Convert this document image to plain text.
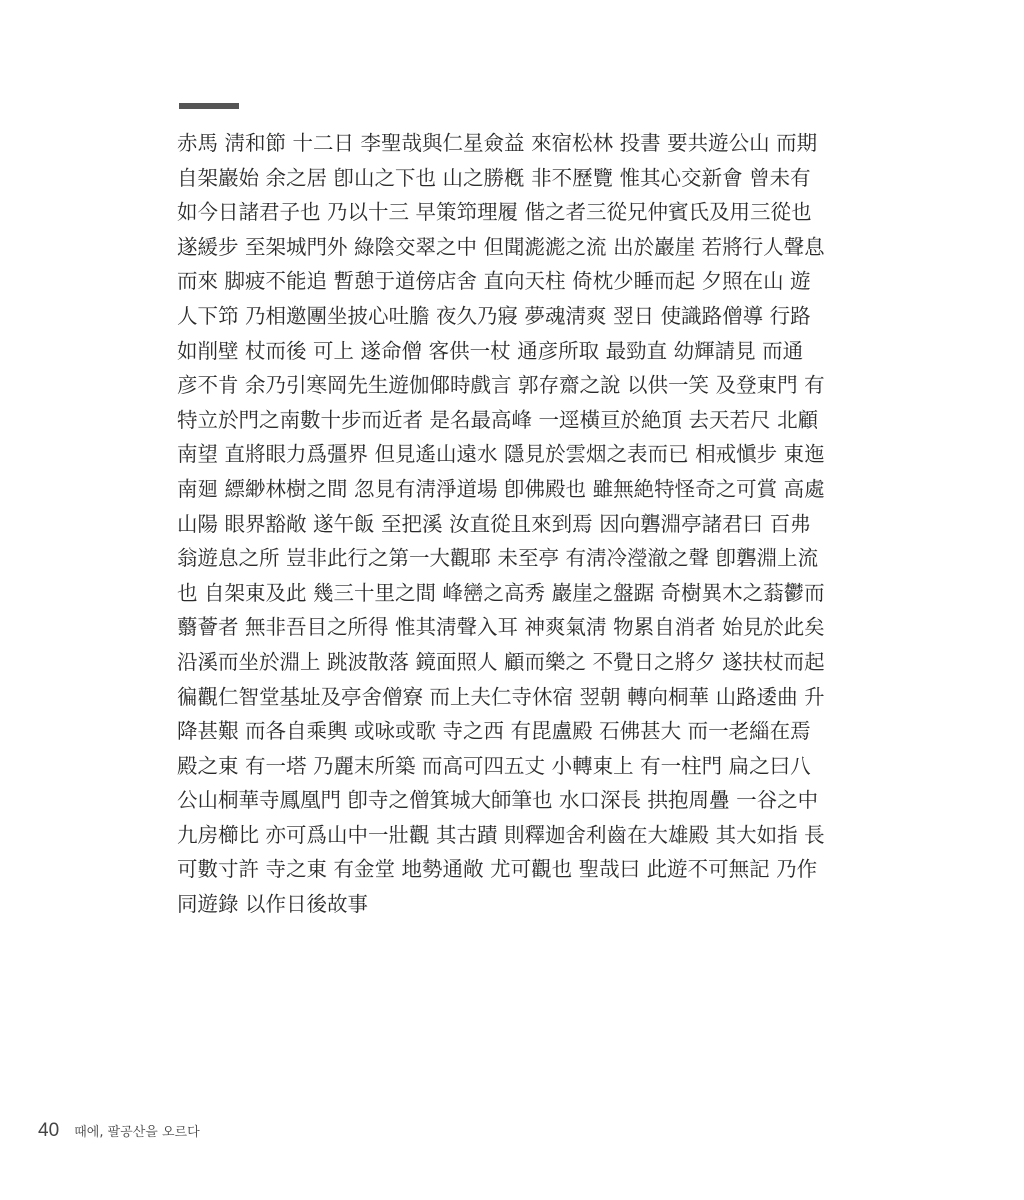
赤馬 淸和節 十二日 李聖哉與仁星僉益 來宿松林 投書 要共遊公山 而期
自架巖始 余之居 卽山之下也 山之勝槪 非不歷覽 惟其心交新會 曾未有
如今日諸君子也 乃以十三 早策笻理履 偕之者三從兄仲賓氏及用三從也
遂緩步 至架城門外 綠陰交翠之中 但聞滮滮之流 出於巖崖 若將行人聲息
而來 脚疲不能追 暫憩于道傍店舍 直向天柱 倚枕少睡而起 夕照在山 遊
人下笻 乃相邀團坐披心吐膽 夜久乃寢 夢魂淸爽 翌日 使識路僧導 行路
如削壁 杖而後 可上 遂命僧 客供一杖 通彦所取 最勁直 幼輝請見 而通
彦不肯 余乃引寒岡先生遊伽倻時戲言 郭存齋之說 以供一笑 及登東門 有
特立於門之南數十步而近者 是名最高峰 一逕橫亘於絶頂 去天若尺 北顧
南望 直將眼力爲彊界 但見遙山遠水 隱見於雲烟之表而已 相戒愼步 東迤
南廻 縹緲林樹之間 忽見有淸淨道場 卽佛殿也 雖無絶特怪奇之可賞 高處
山陽 眼界豁敞 遂午飯 至把溪 汝直從且來到焉 因向礱淵亭諸君曰 百弗
翁遊息之所 豈非此行之第一大觀耶 未至亭 有淸冷瀅澈之聲 卽礱淵上流
也 自架東及此 幾三十里之間 峰巒之高秀 巖崖之盤踞 奇樹異木之蓊鬱而
蘙薈者 無非吾目之所得 惟其淸聲入耳 神爽氣淸 物累自消者 始見於此矣
沿溪而坐於淵上 跳波散落 鏡面照人 顧而樂之 不覺日之將夕 遂扶杖而起
徧觀仁智堂基址及亭舍僧寮 而上夫仁寺休宿 翌朝 轉向桐華 山路逶曲 升
降甚艱 而各自乘輿 或咏或歌 寺之西 有毘盧殿 石佛甚大 而一老緇在焉
殿之東 有一塔 乃麗末所築 而高可四五丈 小轉東上 有一柱門 扁之曰八
公山桐華寺鳳凰門 卽寺之僧箕城大師筆也 水口深長 拱抱周疊 一谷之中
九房櫛比 亦可爲山中一壯觀 其古蹟 則釋迦舍利齒在大雄殿 其大如指 長
可數寸許 寺之東 有金堂 地勢通敞 尤可觀也 聖哉曰 此遊不可無記 乃作
同遊錄 以作日後故事
40 때에, 팔공산을 오르다
